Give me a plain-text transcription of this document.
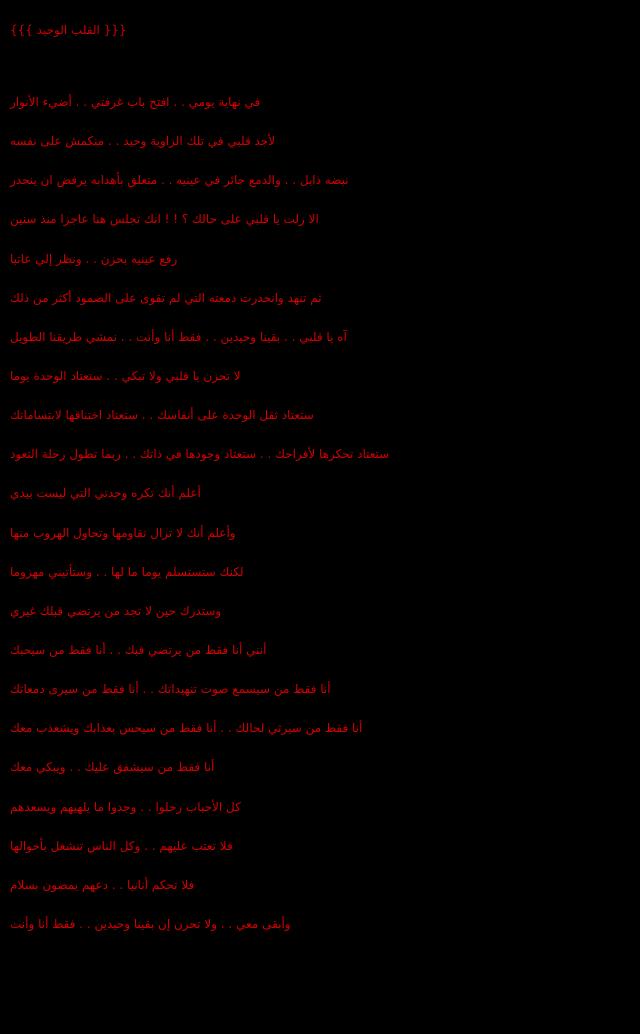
{{{ القلب الوحيد }}}
في نهاية يومي . . افتح باب غرفتي . . أضيء الأنوار
لأجد قلبي في تلك الزاوية وحيد . . منكمش على نفسه
نبضه ذابل . . والدمع حائر في عينيه . . متعلق بأهدابه يرفض ان ينحدر
الا زلت يا قلبي على حالك ؟ ! ! انك تجلس هنا عاجزا منذ سنين
رفع عينيه بحزن . . ونظر إلي عاتبا
ثم تنهد وانحدرت دمعته التي لم تقوى على الصمود أكثر من ذلك
آه يا قلبي . . بقينا وحيدين . . فقط أنا وأنت . . نمشي طريقنا الطويل
لا تحزن يا قلبي ولا تبكي . . ستعتاد الوحدة يوما
ستعتاد ثقل الوحدة على أنفاسك . . ستعتاد اختناقها لابتساماتك
ستعتاد تحكرها لأفراحك . . ستعتاد وجودها في ذاتك . . ربما تطول رحلة التعود
أعلم أنك تكره وحدتي التي ليست بيدي
وأعلم أنك لا تزال تقاومها وتحاول الهروب منها
لكنك ستستسلم يوما ما لها . . وستأتيني مهزوما
وستدرك حين لا تجد من يرتضي قبلك غيري
أنني أنا فقط من يرتضي قبك . . أنا فقط من سيحبك
أنا فقط من سيسمع صوت تنهيداتك . . أنا فقط من سيرى دمعاتك
أنا فقط من سيرثي لحالك . . أنا فقط من سيحس بعذابك ويشعذب معك
أنا فقط من سيشفق عليك . . ويبكي معك
كل الأحباب رحلوا . . وجدوا ما يلهيهم ويسعدهم
فلا تعتب عليهم . . وكل الناس تنشغل بأحوالها
فلا تحكم أنانيا . . دعهم يمضون بسلام
وأبقى معي . . ولا تحزن إن بقينا وحيدين . . فقط أنا وأنت
